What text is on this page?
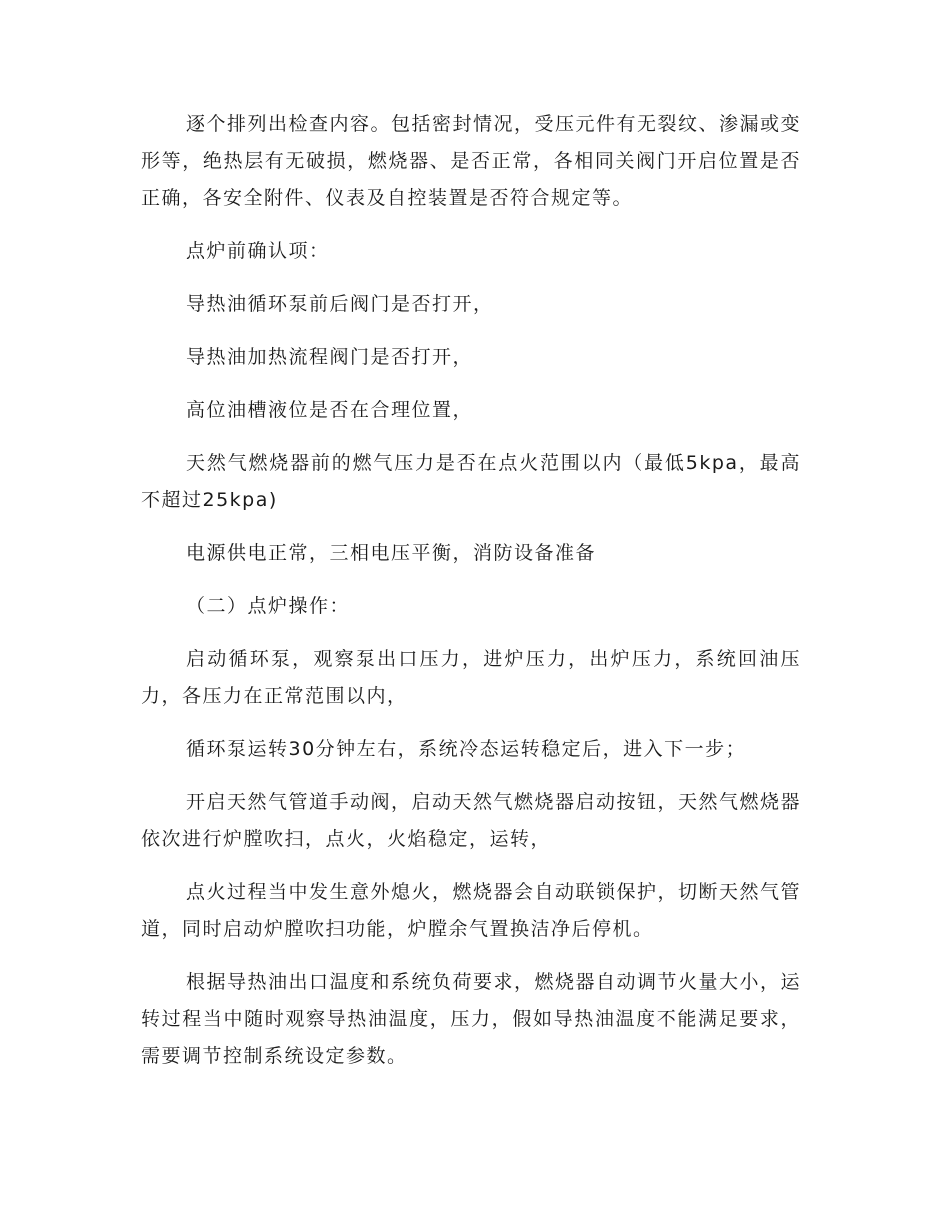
逐个排列出检查内容。包括密封情况，受压元件有无裂纹、渗漏或变形等，绝热层有无破损，燃烧器、是否正常，各相同关阀门开启位置是否正确，各安全附件、仪表及自控装置是否符合规定等。

点炉前确认项：

导热油循环泵前后阀门是否打开，

导热油加热流程阀门是否打开，

高位油槽液位是否在合理位置，

天然气燃烧器前的燃气压力是否在点火范围以内（最低5kpa，最高不超过25kpa)

电源供电正常，三相电压平衡，消防设备准备

（二）点炉操作：

启动循环泵，观察泵出口压力，进炉压力，出炉压力，系统回油压力，各压力在正常范围以内，

循环泵运转30分钟左右，系统冷态运转稳定后，进入下一步；

开启天然气管道手动阀，启动天然气燃烧器启动按钮，天然气燃烧器依次进行炉膛吹扫，点火，火焰稳定，运转，

点火过程当中发生意外熄火，燃烧器会自动联锁保护，切断天然气管道，同时启动炉膛吹扫功能，炉膛余气置换洁净后停机。

根据导热油出口温度和系统负荷要求，燃烧器自动调节火量大小，运转过程当中随时观察导热油温度，压力，假如导热油温度不能满足要求，需要调节控制系统设定参数。
